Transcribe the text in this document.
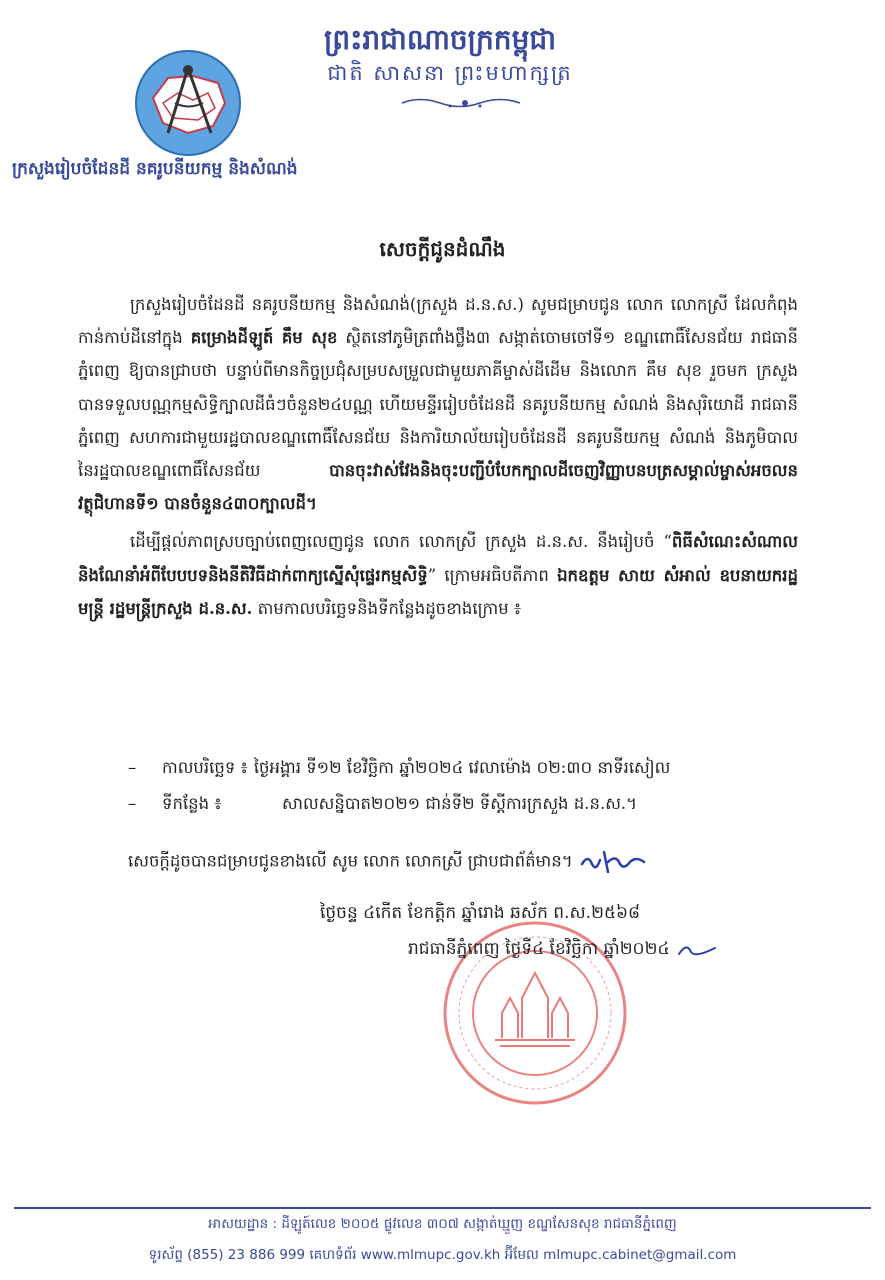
ព្រះរាជាណាចក្រកម្ពុជា
ជាតិ សាសនា ព្រះមហាក្សត្រ
ក្រសួងរៀបចំដែនដី នគរូបនីយកម្ម និងសំណង់
សេចក្តីជូនដំណឹង

ក្រសួងរៀបចំដែនដី នគរូបនីយកម្ម និងសំណង់(ក្រសួង ដ.ន.ស.) សូមជម្រាបជូន លោក លោកស្រី ដែលកំពុងកាន់កាប់ដីនៅក្នុង គម្រោងដីឡូត៍ គឹម សុខ ស្ថិតនៅភូមិត្រពាំងថ្លឹង៣ សង្កាត់ចោមចៅទី១ ខណ្ឌពោធិ៍សែនជ័យ រាជធានីភ្នំពេញ ឱ្យបានជ្រាបថា បន្ទាប់ពីមានកិច្ចប្រជុំសម្របសម្រួលជាមួយភាគីម្ចាស់ដីដើម និងលោក គឹម សុខ រួចមក ក្រសួងបានទទួលបណ្ណកម្មសិទ្ធិក្បាលដីធំៗចំនួន២៤បណ្ណ ហើយមន្ទីររៀបចំដែនដី នគរូបនីយកម្ម សំណង់ និងសុរិយោដី រាជធានីភ្នំពេញ សហការជាមួយរដ្ឋបាលខណ្ឌពោធិ៍សែនជ័យ និងការិយាល័យរៀបចំដែនដី នគរូបនីយកម្ម សំណង់ និងភូមិបាល នៃរដ្ឋបាលខណ្ឌពោធិ៍សែនជ័យ បានចុះវាស់វែងនិងចុះបញ្ជីបំបែកក្បាលដីចេញវិញ្ញាបនបត្រសម្គាល់ម្ចាស់អចលនវត្ថុជិហានទី១ បានចំនួន៤៣០ក្បាលដី។

ដើម្បីផ្តល់ភាពស្របច្បាប់ពេញលេញជូន លោក លោកស្រី ក្រសួង ដ.ន.ស. នឹងរៀបចំ “ពិធីសំណេះសំណាល និងណែនាំអំពីបែបបទនិងនីតិវិធីដាក់ពាក្យស្នើសុំផ្ទេរកម្មសិទ្ធិ” ក្រោមអធិបតីភាព ឯកឧត្តម សាយ សំអាល់ ឧបនាយករដ្ឋមន្ត្រី រដ្ឋមន្ត្រីក្រសួង ដ.ន.ស. តាមកាលបរិច្ឆេទនិងទីកន្លែងដូចខាងក្រោម ៖

–	កាលបរិច្ឆេទ ៖ ថ្ងៃអង្គារ ទី១២ ខែវិច្ឆិកា ឆ្នាំ២០២៤ វេលាម៉ោង ០២:៣០ នាទីរសៀល
–	ទីកន្លែង ៖	សាលសន្និបាត២០២១ ជាន់ទី២ ទីស្តីការក្រសួង ដ.ន.ស.។
សេចក្តីដូចបានជម្រាបជូនខាងលើ សូម លោក លោកស្រី ជ្រាបជាព័ត៌មាន។
ថ្ងៃចន្ទ ៤កើត ខែកត្តិក ឆ្នាំរោង ឆស័ក ព.ស.២៥៦៨
រាជធានីភ្នំពេញ ថ្ងៃទី៤ ខែវិច្ឆិកា ឆ្នាំ២០២៤
អាសយដ្ឋាន : ដីឡូត៍លេខ ២០០៥ ផ្លូវលេខ ៣០៧ សង្កាត់ឃ្មួញ ខណ្ឌសែនសុខ រាជធានីភ្នំពេញ
ទូរស័ព្ទ (855) 23 886 999 គេហទំព័រ www.mlmupc.gov.kh អ៊ីមែល mlmupc.cabinet@gmail.com
